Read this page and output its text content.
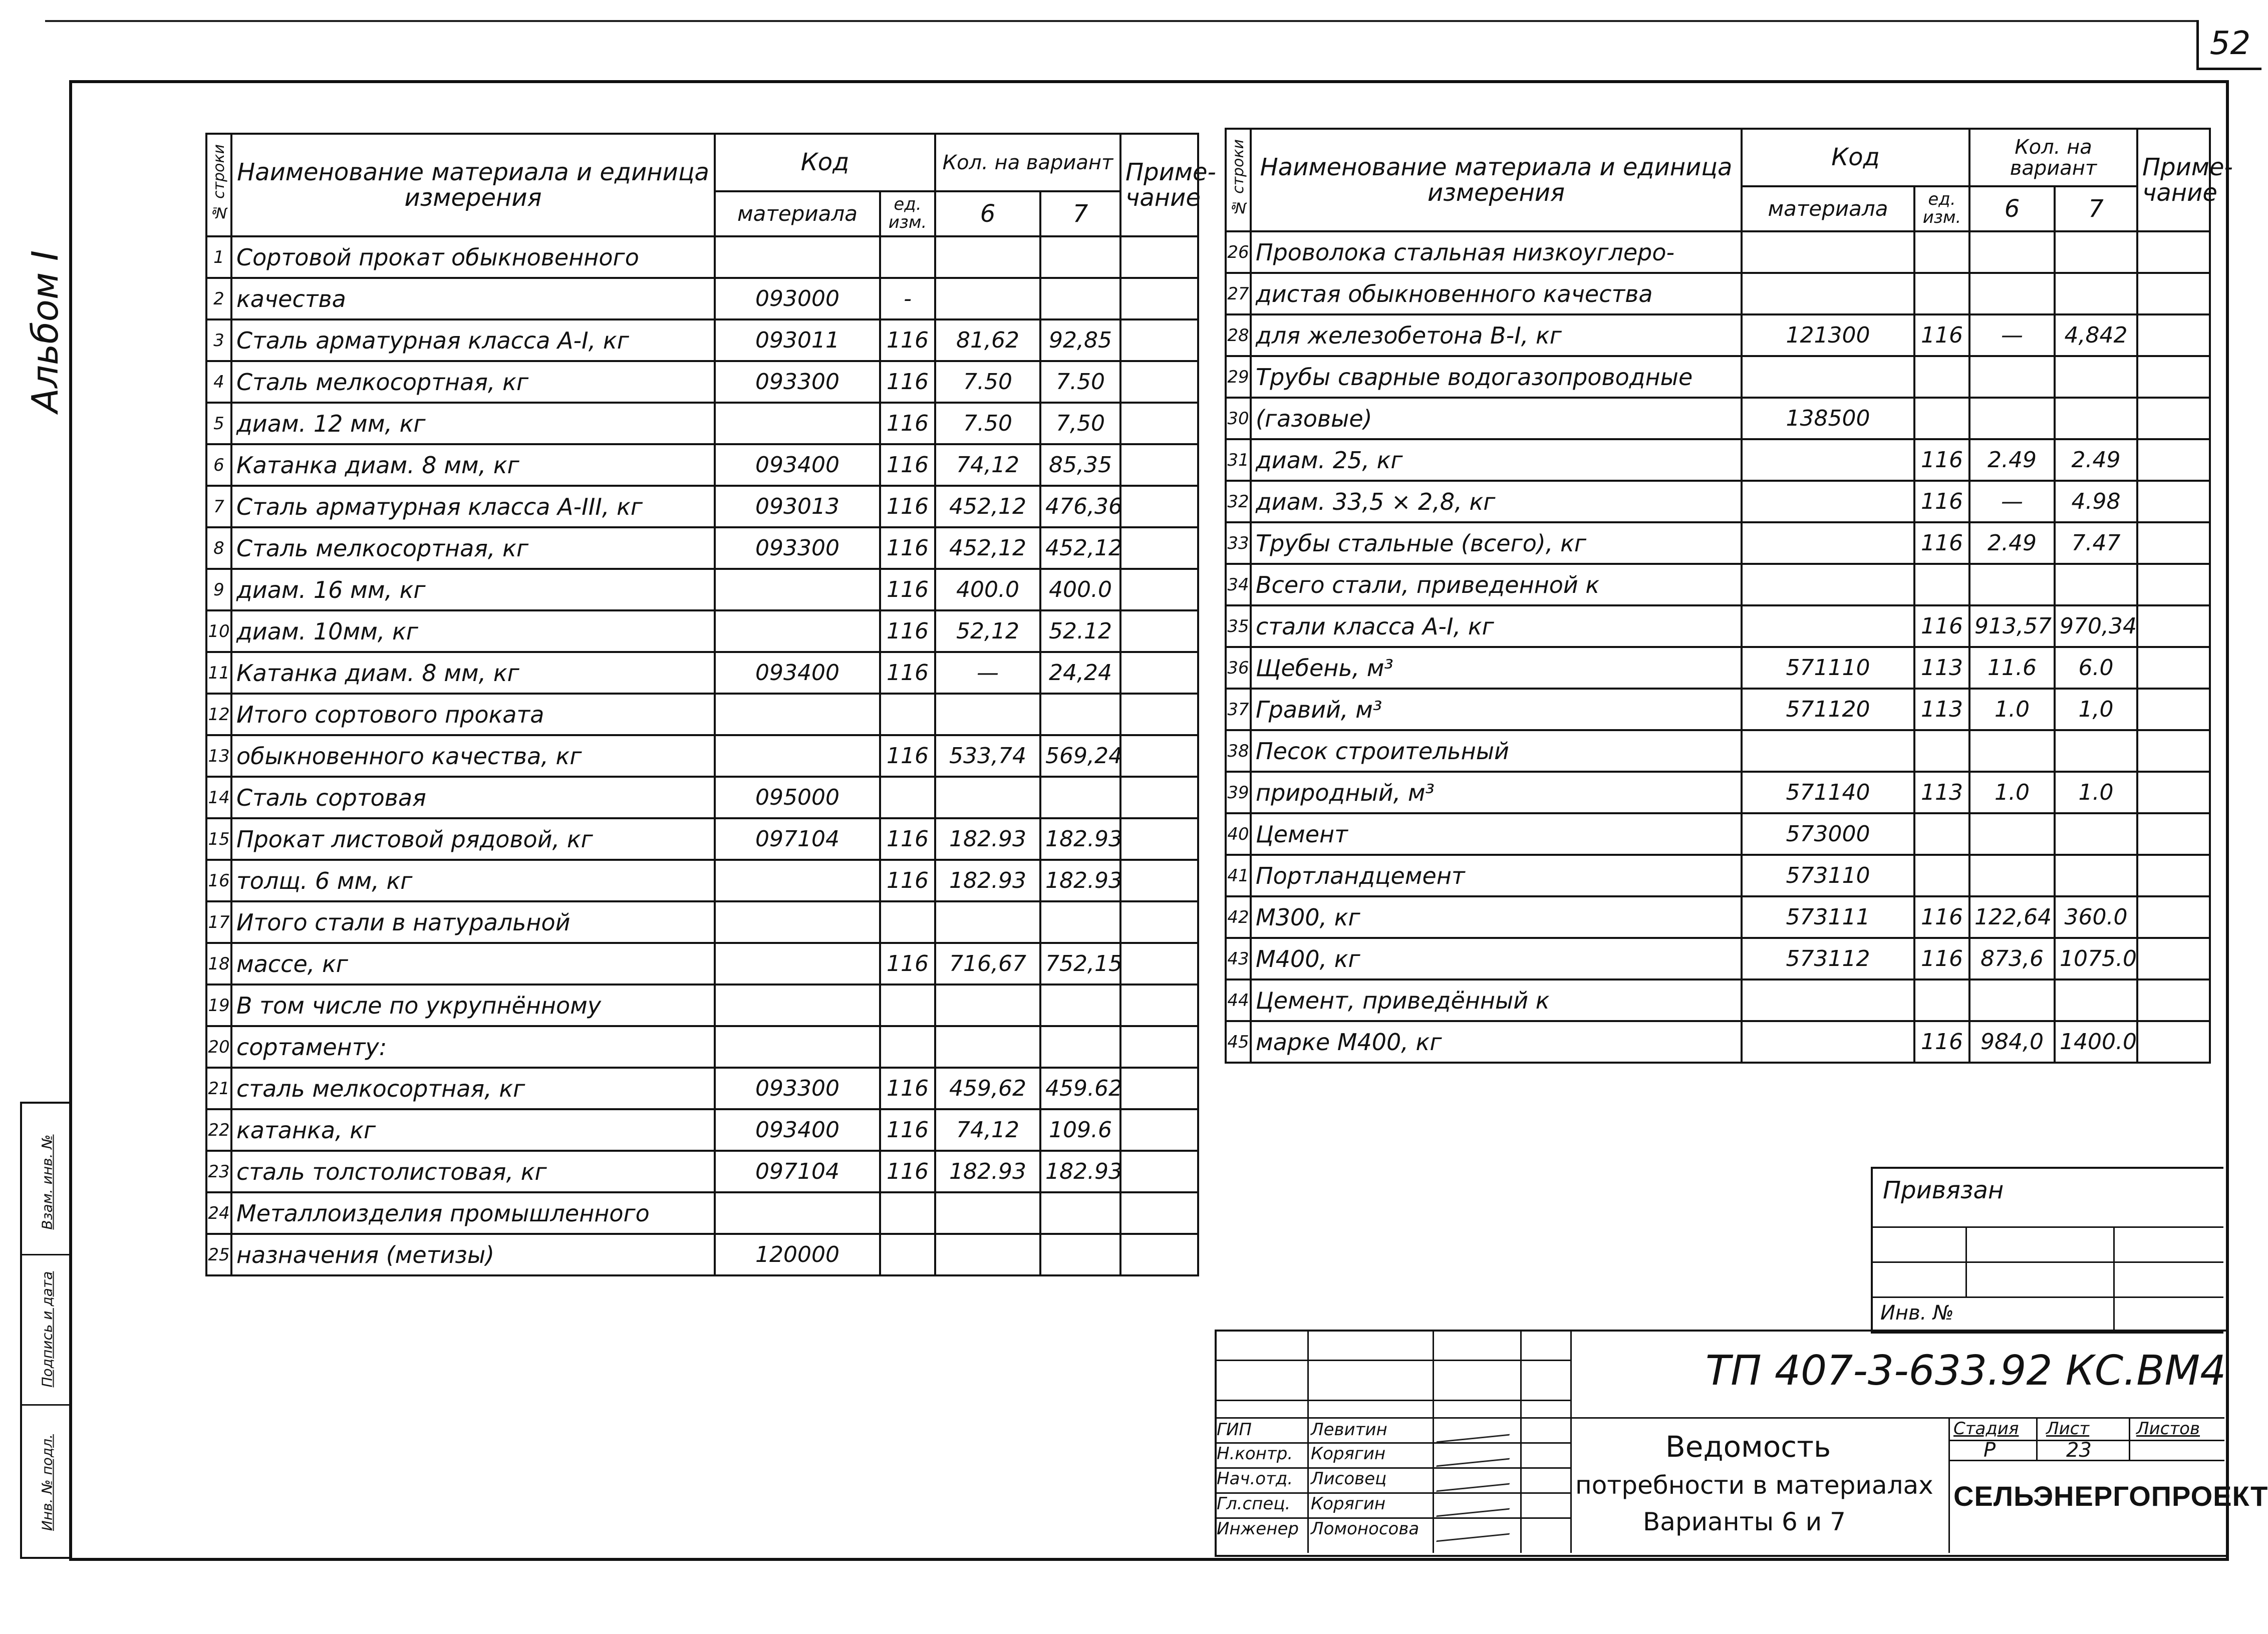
52
Альбом I
Инв. № подл.
Подпись и дата
Взам. инв. №
№ строки	Наименование материала и единица измерения	Код		Кол. на вариант		Приме- чание
		материала	ед. изм.	6	7	
1	Сортовой прокат обыкновенного					
2	качества	093000	-			
3	Сталь арматурная класса А-I, кг	093011	116	81,62	92,85	
4	Сталь мелкосортная, кг	093300	116	7.50	7.50	
5	диам. 12 мм, кг		116	7.50	7,50	
6	Катанка диам. 8 мм, кг	093400	116	74,12	85,35	
7	Сталь арматурная класса А-III, кг	093013	116	452,12	476,36	
8	Сталь мелкосортная, кг	093300	116	452,12	452,12	
9	диам. 16 мм, кг		116	400.0	400.0	
10	диам. 10мм, кг		116	52,12	52.12	
11	Катанка диам. 8 мм, кг	093400	116	—	24,24	
12	Итого сортового проката					
13	обыкновенного качества, кг		116	533,74	569,24	
14	Сталь сортовая	095000				
15	Прокат листовой рядовой, кг	097104	116	182.93	182.93	
16	толщ. 6 мм, кг		116	182.93	182.93	
17	Итого стали в натуральной					
18	массе, кг		116	716,67	752,15	
19	В том числе по укрупнённому					
20	сортаменту:					
21	сталь мелкосортная, кг	093300	116	459,62	459.62	
22	катанка, кг	093400	116	74,12	109.6	
23	сталь толстолистовая, кг	097104	116	182.93	182.93	
24	Металлоизделия промышленного					
25	назначения (метизы)	120000				
№ строки	Наименование материала и единица измерения	Код		Кол. на вариант		Приме- чание
		материала	ед. изм.	6	7	
26	Проволока стальная низкоуглеро-					
27	дистая обыкновенного качества					
28	для железобетона В-I, кг	121300	116	—	4,842	
29	Трубы сварные водогазопроводные					
30	(газовые)	138500				
31	диам. 25, кг		116	2.49	2.49	
32	диам. 33,5 × 2,8, кг		116	—	4.98	
33	Трубы стальные (всего), кг		116	2.49	7.47	
34	Всего стали, приведенной к					
35	стали класса А-I, кг		116	913,57	970,34	
36	Щебень, м³	571110	113	11.6	6.0	
37	Гравий, м³	571120	113	1.0	1,0	
38	Песок строительный					
39	природный, м³	571140	113	1.0	1.0	
40	Цемент	573000				
41	Портландцемент	573110				
42	М300, кг	573111	116	122,64	360.0	
43	М400, кг	573112	116	873,6	1075.0	
44	Цемент, приведённый к					
45	марке М400, кг		116	984,0	1400.0	
Привязан
Инв. №
ТП 407-3-633.92 КС.ВМ4
ГИП	Левитин
Н.контр. Корягин
Нач.отд. Лисовец
Гл.спец. Корягин
Инженер Ломоносова
Ведомость
потребности в материалах
Варианты 6 и 7
Стадия Лист	Листов
Р	23
СЕЛЬЭНЕРГОПРОЕКТ
